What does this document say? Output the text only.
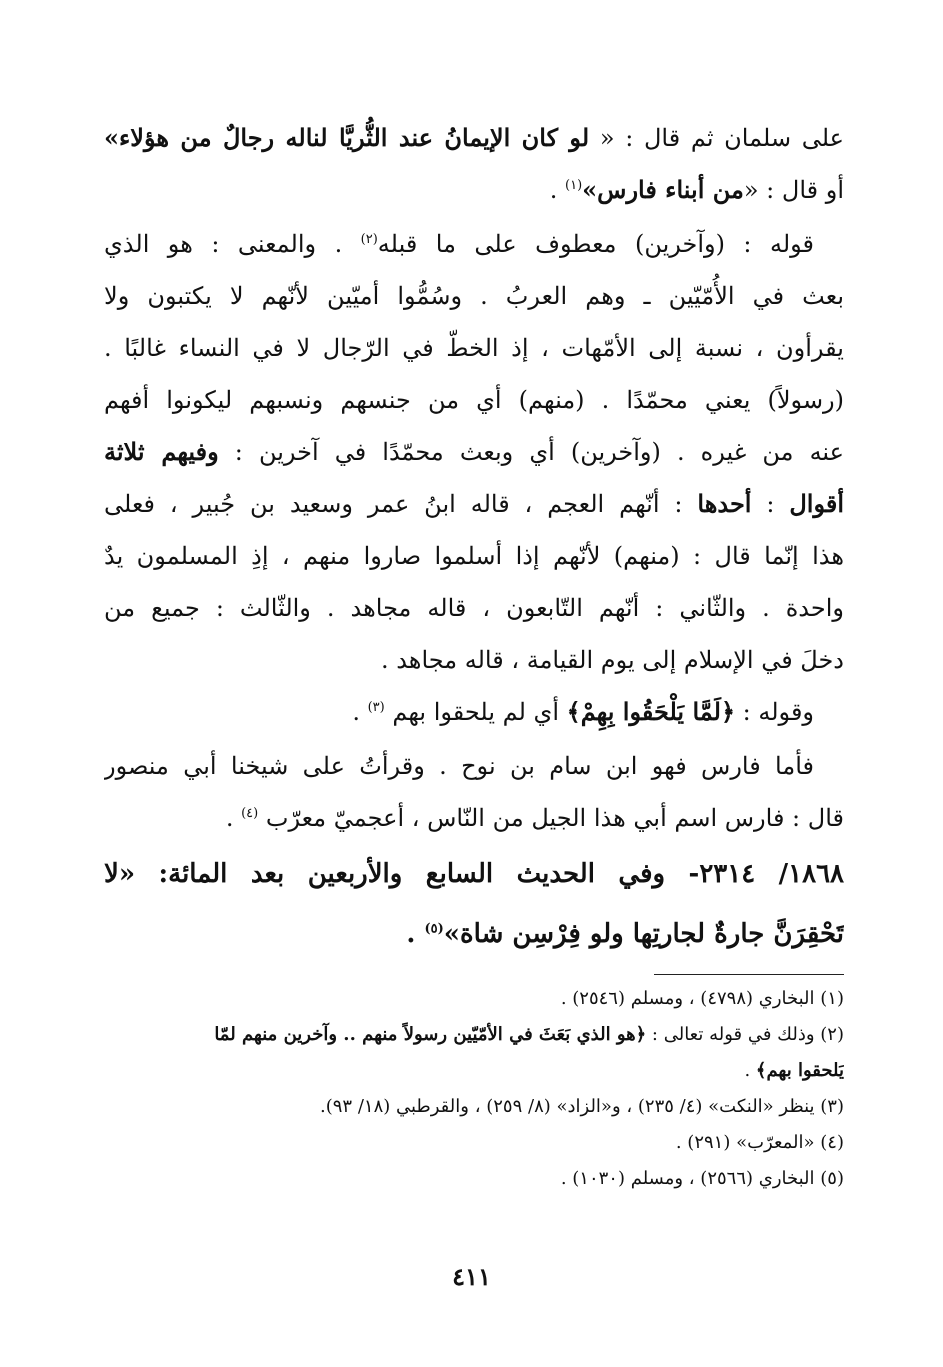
على سلمان ثم قال : « لو كان الإيمانُ عند الثُّريَّا لناله رجالٌ من هؤلاء»
أو قال : «من أبناء فارس»$^{(١)}$ .
قوله : (وآخرين) معطوف على ما قبله$^{(٢)}$ . والمعنى : هو الذي
بعث في الأُمّيّين ـ وهم العربُ . وسُمُّوا أميّين لأنّهم لا يكتبون ولا
يقرأون ، نسبة إلى الأمّهات ، إذ الخطّ في الرّجال لا في النساء غالبًا .
(رسولاً) يعني محمّدًا . (منهم) أي من جنسهم ونسبهم ليكونوا أفهم
عنه من غيره . (وآخرين) أي وبعث محمّدًا في آخرين : وفيهم ثلاثة
أقوال : أحدها : أنّهم العجم ، قاله ابنُ عمر وسعيد بن جُبير ، فعلى
هذا إنّما قال : (منهم) لأنّهم إذا أسلموا صاروا منهم ، إذِ المسلمون يدٌ
واحدة . والثّاني : أنّهم التّابعون ، قاله مجاهد . والثّالث : جميع من
دخلَ في الإسلام إلى يوم القيامة ، قاله مجاهد .
وقوله : ﴿لَمَّا يَلْحَقُوا بِهِمْ﴾ أي لم يلحقوا بهم $^{(٣)}$ .
فأما فارس فهو ابن سام بن نوح . وقرأتُ على شيخنا أبي منصور
قال : فارس اسم أبي هذا الجيل من النّاس ، أعجميّ معرّب $^{(٤)}$ .
١٨٦٨/ ٢٣١٤- وفي الحديث السابع والأربعين بعد المائة: «لا
تَحْقِرَنَّ جارةٌ لجارتِها ولو فِرْسِن شاة»$^{(٥)}$ .
(١) البخاري (٤٧٩٨) ، ومسلم (٢٥٤٦) .
(٢) وذلك في قوله تعالى : ﴿هو الذي بَعَثَ في الأمّيّين رسولاً منهم .. وآخرين منهم لمّا
يَلحقوا بهم﴾ .
(٣) ينظر «النكت» (٤/ ٢٣٥) ، و«الزاد» (٨/ ٢٥٩) ، والقرطبي (١٨/ ٩٣).
(٤) «المعرّب» (٢٩١) .
(٥) البخاري (٢٥٦٦) ، ومسلم (١٠٣٠) .
٤١١
